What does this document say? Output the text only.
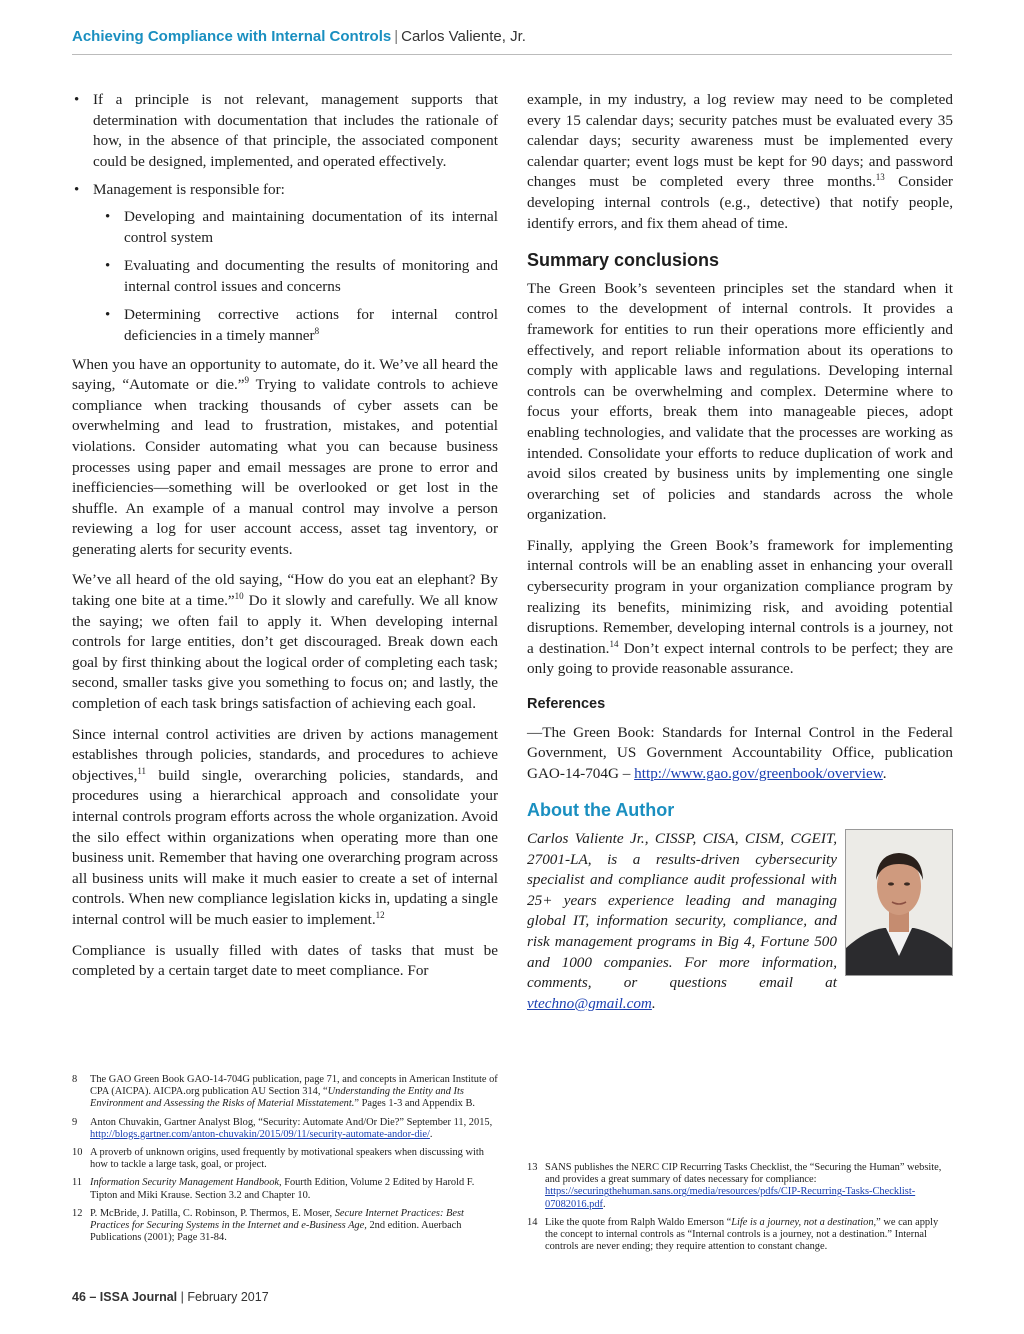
Achieving Compliance with Internal Controls | Carlos Valiente, Jr.
• If a principle is not relevant, management supports that determination with documentation that includes the rationale of how, in the absence of that principle, the associated component could be designed, implemented, and operated effectively.
• Management is responsible for:
• Developing and maintaining documentation of its internal control system
• Evaluating and documenting the results of monitoring and internal control issues and concerns
• Determining corrective actions for internal control deficiencies in a timely manner$^8$

When you have an opportunity to automate, do it. We’ve all heard the saying, “Automate or die.”$^9$ Trying to validate controls to achieve compliance when tracking thousands of cyber assets can be overwhelming and lead to frustration, mistakes, and potential violations. Consider automating what you can because business processes using paper and email messages are prone to error and inefficiencies—something will be overlooked or get lost in the shuffle. An example of a manual control may involve a person reviewing a log for user account access, asset tag inventory, or generating alerts for security events.

We’ve all heard of the old saying, “How do you eat an elephant? By taking one bite at a time.”$^{10}$ Do it slowly and carefully. We all know the saying; we often fail to apply it. When developing internal controls for large entities, don’t get discouraged. Break down each goal by first thinking about the logical order of completing each task; second, smaller tasks give you something to focus on; and lastly, the completion of each task brings satisfaction of achieving each goal.

Since internal control activities are driven by actions management establishes through policies, standards, and procedures to achieve objectives,$^{11}$ build single, overarching policies, standards, and procedures using a hierarchical approach and consolidate your internal controls program efforts across the whole organization. Avoid the silo effect within organizations when operating more than one business unit. Remember that having one overarching program across all business units will make it much easier to create a set of internal controls. When new compliance legislation kicks in, updating a single internal control will be much easier to implement.$^{12}$

Compliance is usually filled with dates of tasks that must be completed by a certain target date to meet compliance. For

example, in my industry, a log review may need to be completed every 15 calendar days; security patches must be evaluated every 35 calendar days; security awareness must be implemented every calendar quarter; event logs must be kept for 90 days; and password changes must be completed every three months.$^{13}$ Consider developing internal controls (e.g., detective) that notify people, identify errors, and fix them ahead of time.

Summary conclusions

The Green Book’s seventeen principles set the standard when it comes to the development of internal controls. It provides a framework for entities to run their operations more efficiently and effectively, and report reliable information about its operations to comply with applicable laws and regulations. Developing internal controls can be overwhelming and complex. Determine where to focus your efforts, break them into manageable pieces, adopt enabling technologies, and validate that the processes are working as intended. Consolidate your efforts to reduce duplication of work and avoid silos created by business units by implementing one single overarching set of policies and standards across the whole organization.

Finally, applying the Green Book’s framework for implementing internal controls will be an enabling asset in enhancing your overall cybersecurity program in your organization compliance program by realizing its benefits, minimizing risk, and avoiding potential disruptions. Remember, developing internal controls is a journey, not a destination.$^{14}$ Don’t expect internal controls to be perfect; they are only going to provide reasonable assurance.

References

—The Green Book: Standards for Internal Control in the Federal Government, US Government Accountability Office, publication GAO-14-704G – http://www.gao.gov/greenbook/overview.

About the Author

Carlos Valiente Jr., CISSP, CISA, CISM, CGEIT, 27001-LA, is a results-driven cybersecurity specialist and compliance audit professional with 25+ years experience leading and managing global IT, information security, compliance, and risk management programs in Big 4, Fortune 500 and 1000 companies. For more information, comments, or questions email at vtechno@gmail.com.

8	The GAO Green Book GAO-14-704G publication, page 71, and concepts in American Institute of CPA (AICPA). AICPA.org publication AU Section 314, “Understanding the Entity and Its Environment and Assessing the Risks of Material Misstatement.” Pages 1-3 and Appendix B.
9	Anton Chuvakin, Gartner Analyst Blog, “Security: Automate And/Or Die?” September 11, 2015, http://blogs.gartner.com/anton-chuvakin/2015/09/11/security-automate-andor-die/.
10 A proverb of unknown origins, used frequently by motivational speakers when discussing with how to tackle a large task, goal, or project.
11 Information Security Management Handbook, Fourth Edition, Volume 2 Edited by Harold F. Tipton and Miki Krause. Section 3.2 and Chapter 10.
12 P. McBride, J. Patilla, C. Robinson, P. Thermos, E. Moser, Secure Internet Practices: Best Practices for Securing Systems in the Internet and e-Business Age, 2nd edition. Auerbach Publications (2001); Page 31-84.
13 SANS publishes the NERC CIP Recurring Tasks Checklist, the “Securing the Human” website, and provides a great summary of dates necessary for compliance: https://securingthehuman.sans.org/media/resources/pdfs/CIP-Recurring-Tasks-Checklist-07082016.pdf.
14 Like the quote from Ralph Waldo Emerson “Life is a journey, not a destination,” we can apply the concept to internal controls as “Internal controls is a journey, not a destination.” Internal controls are never ending; they require attention to constant change.
46 – ISSA Journal | February 2017
